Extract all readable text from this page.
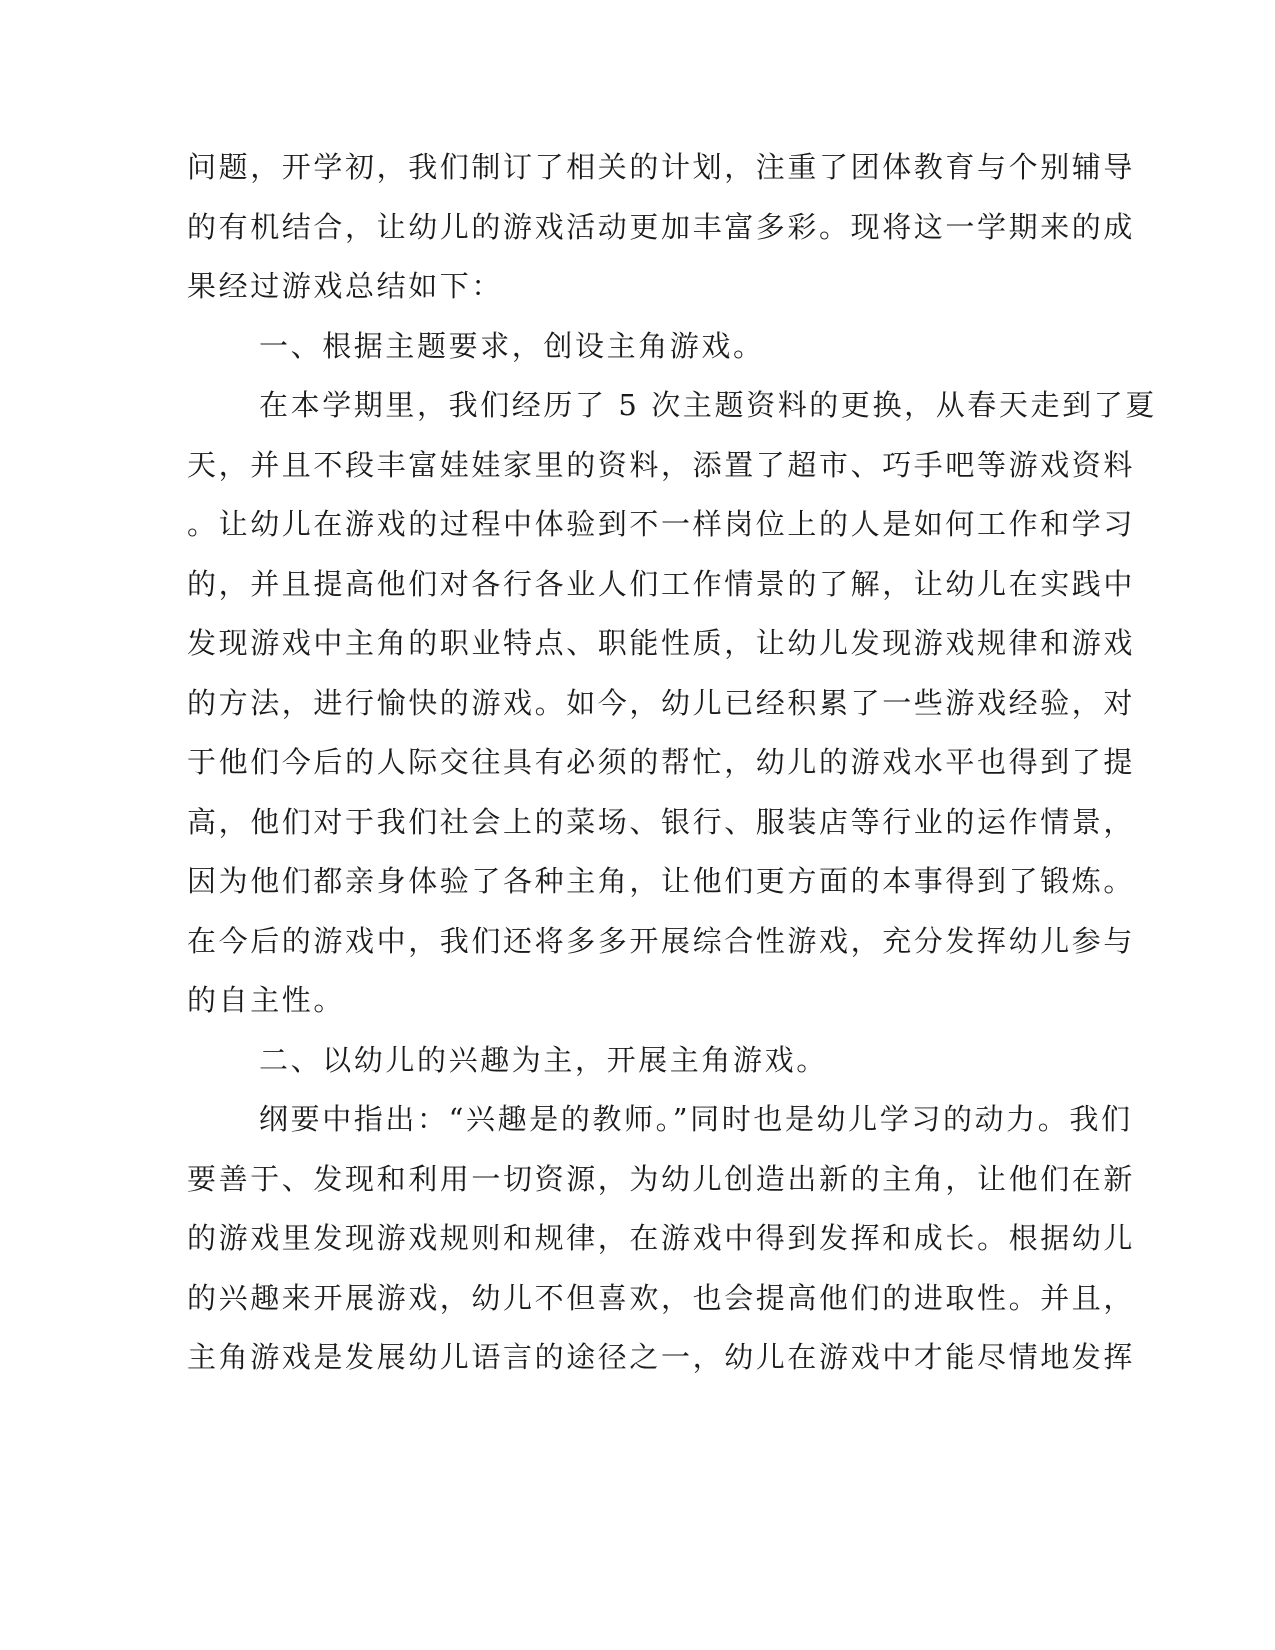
问题，开学初，我们制订了相关的计划，注重了团体教育与个别辅导
的有机结合，让幼儿的游戏活动更加丰富多彩。现将这一学期来的成
果经过游戏总结如下：
一、根据主题要求，创设主角游戏。
在本学期里，我们经历了 5 次主题资料的更换，从春天走到了夏
天，并且不段丰富娃娃家里的资料，添置了超市、巧手吧等游戏资料
。让幼儿在游戏的过程中体验到不一样岗位上的人是如何工作和学习
的，并且提高他们对各行各业人们工作情景的了解，让幼儿在实践中
发现游戏中主角的职业特点、职能性质，让幼儿发现游戏规律和游戏
的方法，进行愉快的游戏。如今，幼儿已经积累了一些游戏经验，对
于他们今后的人际交往具有必须的帮忙，幼儿的游戏水平也得到了提
高，他们对于我们社会上的菜场、银行、服装店等行业的运作情景，
因为他们都亲身体验了各种主角，让他们更方面的本事得到了锻炼。
在今后的游戏中，我们还将多多开展综合性游戏，充分发挥幼儿参与
的自主性。
二、以幼儿的兴趣为主，开展主角游戏。
纲要中指出：“兴趣是的教师。”同时也是幼儿学习的动力。我们
要善于、发现和利用一切资源，为幼儿创造出新的主角，让他们在新
的游戏里发现游戏规则和规律，在游戏中得到发挥和成长。根据幼儿
的兴趣来开展游戏，幼儿不但喜欢，也会提高他们的进取性。并且，
主角游戏是发展幼儿语言的途径之一，幼儿在游戏中才能尽情地发挥
